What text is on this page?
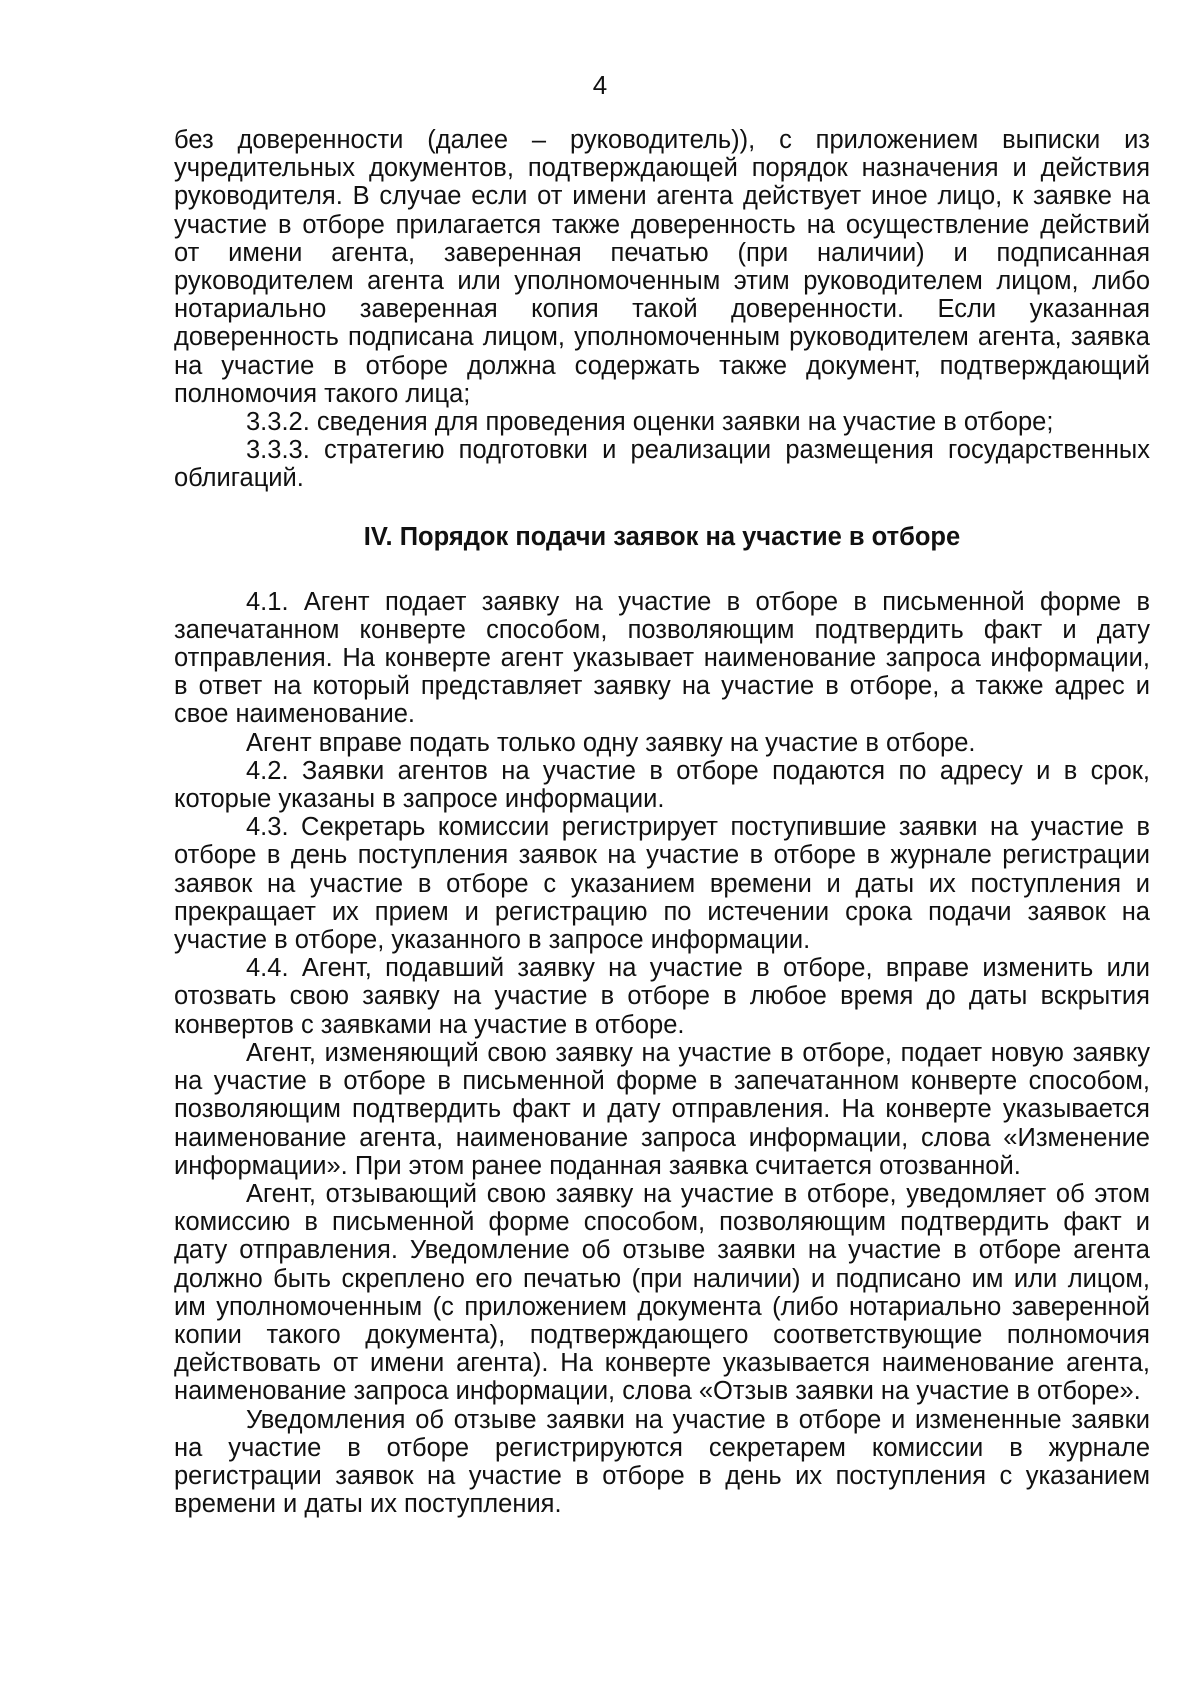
4

без доверенности (далее – руководитель)), с приложением выписки из учредительных документов, подтверждающей порядок назначения и действия руководителя. В случае если от имени агента действует иное лицо, к заявке на участие в отборе прилагается также доверенность на осуществление действий от имени агента, заверенная печатью (при наличии) и подписанная руководителем агента или уполномоченным этим руководителем лицом, либо нотариально заверенная копия такой доверенности. Если указанная доверенность подписана лицом, уполномоченным руководителем агента, заявка на участие в отборе должна содержать также документ, подтверждающий полномочия такого лица;

3.3.2. сведения для проведения оценки заявки на участие в отборе;

3.3.3. стратегию подготовки и реализации размещения государственных облигаций.

IV. Порядок подачи заявок на участие в отборе

4.1. Агент подает заявку на участие в отборе в письменной форме в запечатанном конверте способом, позволяющим подтвердить факт и дату отправления. На конверте агент указывает наименование запроса информации, в ответ на который представляет заявку на участие в отборе, а также адрес и свое наименование.

Агент вправе подать только одну заявку на участие в отборе.

4.2. Заявки агентов на участие в отборе подаются по адресу и в срок, которые указаны в запросе информации.

4.3. Секретарь комиссии регистрирует поступившие заявки на участие в отборе в день поступления заявок на участие в отборе в журнале регистрации заявок на участие в отборе с указанием времени и даты их поступления и прекращает их прием и регистрацию по истечении срока подачи заявок на участие в отборе, указанного в запросе информации.

4.4. Агент, подавший заявку на участие в отборе, вправе изменить или отозвать свою заявку на участие в отборе в любое время до даты вскрытия конвертов с заявками на участие в отборе.

Агент, изменяющий свою заявку на участие в отборе, подает новую заявку на участие в отборе в письменной форме в запечатанном конверте способом, позволяющим подтвердить факт и дату отправления. На конверте указывается наименование агента, наименование запроса информации, слова «Изменение информации». При этом ранее поданная заявка считается отозванной.

Агент, отзывающий свою заявку на участие в отборе, уведомляет об этом комиссию в письменной форме способом, позволяющим подтвердить факт и дату отправления. Уведомление об отзыве заявки на участие в отборе агента должно быть скреплено его печатью (при наличии) и подписано им или лицом, им уполномоченным (с приложением документа (либо нотариально заверенной копии такого документа), подтверждающего соответствующие полномочия действовать от имени агента). На конверте указывается наименование агента, наименование запроса информации, слова «Отзыв заявки на участие в отборе».

Уведомления об отзыве заявки на участие в отборе и измененные заявки на участие в отборе регистрируются секретарем комиссии в журнале регистрации заявок на участие в отборе в день их поступления с указанием времени и даты их поступления.
